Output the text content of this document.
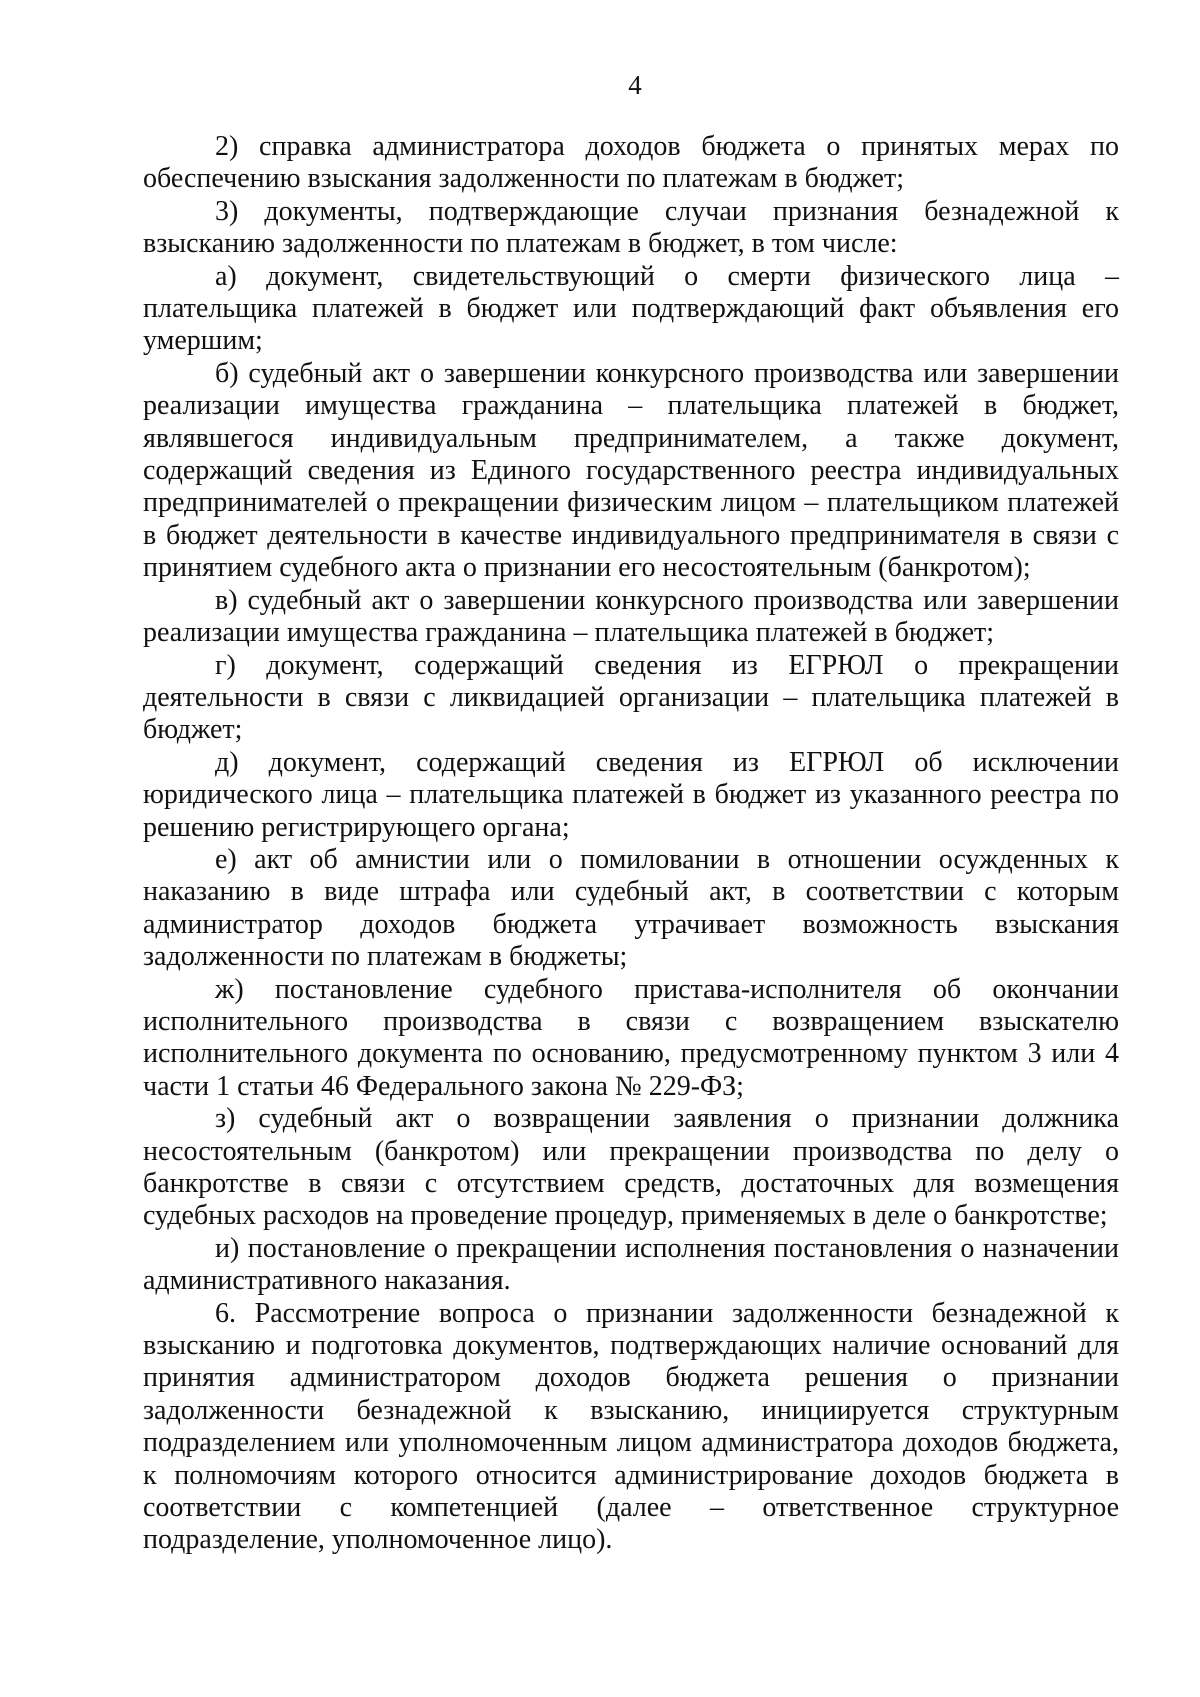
4

2) справка администратора доходов бюджета о принятых мерах по обеспечению взыскания задолженности по платежам в бюджет;

3) документы, подтверждающие случаи признания безнадежной к взысканию задолженности по платежам в бюджет, в том числе:

а) документ, свидетельствующий о смерти физического лица – плательщика платежей в бюджет или подтверждающий факт объявления его умершим;

б) судебный акт о завершении конкурсного производства или завершении реализации имущества гражданина – плательщика платежей в бюджет, являвшегося индивидуальным предпринимателем, а также документ, содержащий сведения из Единого государственного реестра индивидуальных предпринимателей о прекращении физическим лицом – плательщиком платежей в бюджет деятельности в качестве индивидуального предпринимателя в связи с принятием судебного акта о признании его несостоятельным (банкротом);

в) судебный акт о завершении конкурсного производства или завершении реализации имущества гражданина – плательщика платежей в бюджет;

г) документ, содержащий сведения из ЕГРЮЛ о прекращении деятельности в связи с ликвидацией организации – плательщика платежей в бюджет;

д) документ, содержащий сведения из ЕГРЮЛ об исключении юридического лица – плательщика платежей в бюджет из указанного реестра по решению регистрирующего органа;

е) акт об амнистии или о помиловании в отношении осужденных к наказанию в виде штрафа или судебный акт, в соответствии с которым администратор доходов бюджета утрачивает возможность взыскания задолженности по платежам в бюджеты;

ж) постановление судебного пристава-исполнителя об окончании исполнительного производства в связи с возвращением взыскателю исполнительного документа по основанию, предусмотренному пунктом 3 или 4 части 1 статьи 46 Федерального закона № 229-ФЗ;

з) судебный акт о возвращении заявления о признании должника несостоятельным (банкротом) или прекращении производства по делу о банкротстве в связи с отсутствием средств, достаточных для возмещения судебных расходов на проведение процедур, применяемых в деле о банкротстве;

и) постановление о прекращении исполнения постановления о назначении административного наказания.

6. Рассмотрение вопроса о признании задолженности безнадежной к взысканию и подготовка документов, подтверждающих наличие оснований для принятия администратором доходов бюджета решения о признании задолженности безнадежной к взысканию, инициируется структурным подразделением или уполномоченным лицом администратора доходов бюджета, к полномочиям которого относится администрирование доходов бюджета в соответствии с компетенцией (далее – ответственное структурное подразделение, уполномоченное лицо).
